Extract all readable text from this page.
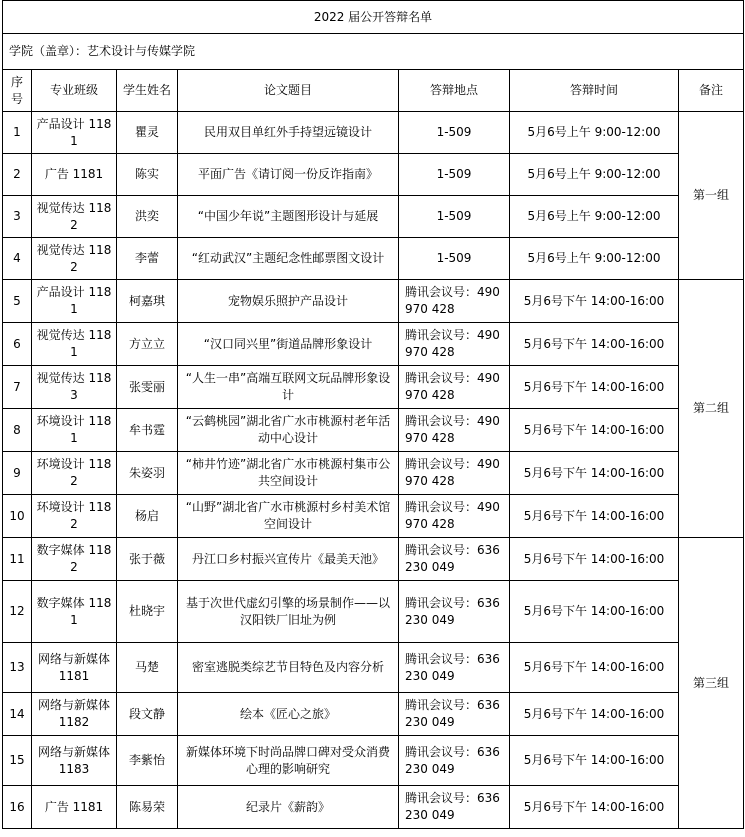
2022 届公开答辩名单						
学院（盖章）：艺术设计与传媒学院						
序号	专业班级	学生姓名	论文题目	答辩地点	答辩时间	备注
1	产品设计 1181	瞿灵	民用双目单红外手持望远镜设计	1-509	5月6号上午 9:00-12:00	第一组
2	广告 1181	陈实	平面广告《请订阅一份反诈指南》	1-509	5月6号上午 9:00-12:00	
3	视觉传达 1182	洪奕	“中国少年说”主题图形设计与延展	1-509	5月6号上午 9:00-12:00	
4	视觉传达 1182	李蕾	“红动武汉”主题纪念性邮票图文设计	1-509	5月6号上午 9:00-12:00	
5	产品设计 1181	柯嘉琪	宠物娱乐照护产品设计	腾讯会议号：490 970 428	5月6号下午 14:00-16:00	第二组
6	视觉传达 1181	方立立	“汉口同兴里”街道品牌形象设计	腾讯会议号：490 970 428	5月6号下午 14:00-16:00	
7	视觉传达 1183	张雯丽	“人生一串”高端互联网文玩品牌形象设计	腾讯会议号：490 970 428	5月6号下午 14:00-16:00	
8	环境设计 1181	牟书霆	“云鹤桃园”湖北省广水市桃源村老年活动中心设计	腾讯会议号：490 970 428	5月6号下午 14:00-16:00	
9	环境设计 1182	朱姿羽	“柿井竹迹”湖北省广水市桃源村集市公共空间设计	腾讯会议号：490 970 428	5月6号下午 14:00-16:00	
10	环境设计 1182	杨启	“山野”湖北省广水市桃源村乡村美术馆空间设计	腾讯会议号：490 970 428	5月6号下午 14:00-16:00	
11	数字媒体 1182	张于薇	丹江口乡村振兴宣传片《最美天池》	腾讯会议号：636 230 049	5月6号下午 14:00-16:00	第三组
12	数字媒体 1181	杜晓宇	基于次世代虚幻引擎的场景制作——以汉阳铁厂旧址为例	腾讯会议号：636 230 049	5月6号下午 14:00-16:00	
13	网络与新媒体 1181	马楚	密室逃脱类综艺节目特色及内容分析	腾讯会议号：636 230 049	5月6号下午 14:00-16:00	
14	网络与新媒体 1182	段文静	绘本《匠心之旅》	腾讯会议号：636 230 049	5月6号下午 14:00-16:00	
15	网络与新媒体 1183	李紫怡	新媒体环境下时尚品牌口碑对受众消费心理的影响研究	腾讯会议号：636 230 049	5月6号下午 14:00-16:00	
16	广告 1181	陈易荣	纪录片《薪韵》	腾讯会议号：636 230 049	5月6号下午 14:00-16:00	
